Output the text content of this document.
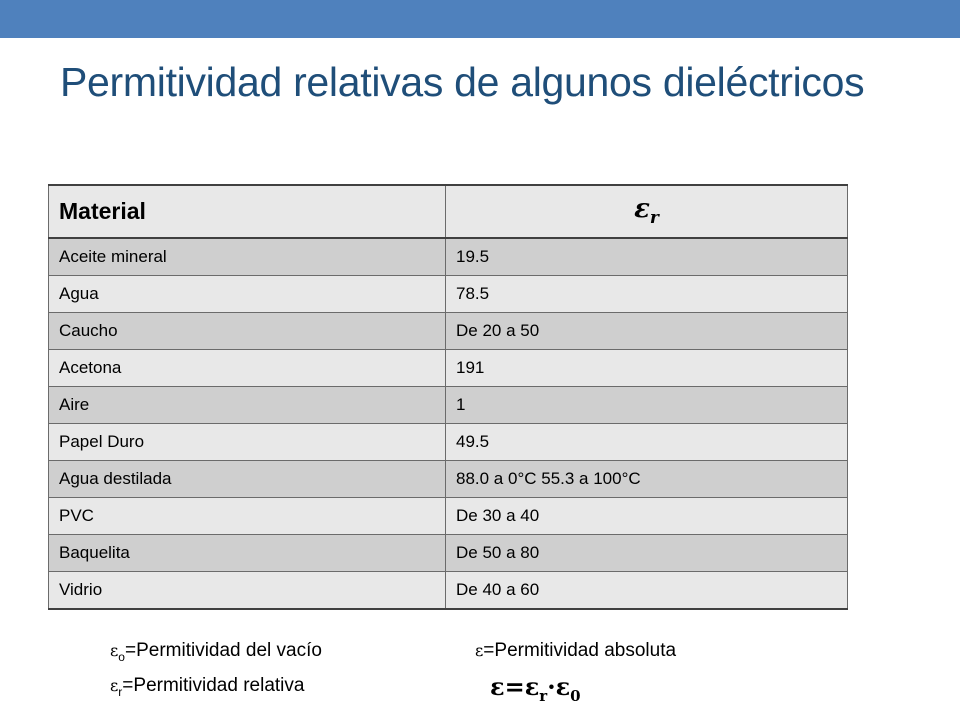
Permitividad relativas de algunos dieléctricos
Material	$\varepsilon_r$
Aceite mineral	19.5
Agua	78.5
Caucho	De 20 a 50
Acetona	191
Aire	1
Papel Duro	49.5
Agua destilada	88.0 a 0°C 55.3 a 100°C
PVC	De 30 a 40
Baquelita	De 50 a 80
Vidrio	De 40 a 60
$\varepsilon_o=Permitividad$ del vacío	ε=Permitividad absoluta
$\varepsilon_r=Permitividad$ relativa	$\varepsilon=\varepsilon_r\cdot\varepsilon_0$
